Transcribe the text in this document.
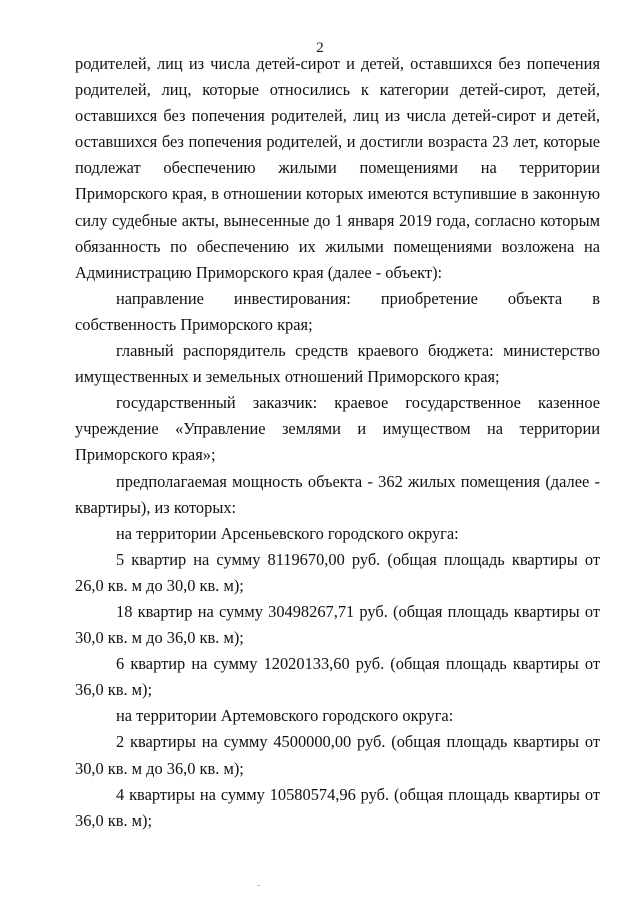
2

родителей, лиц из числа детей-сирот и детей, оставшихся без попечения родителей, лиц, которые относились к категории детей-сирот, детей, оставшихся без попечения родителей, лиц из числа детей-сирот и детей, оставшихся без попечения родителей, и достигли возраста 23 лет, которые подлежат обеспечению жилыми помещениями на территории Приморского края, в отношении которых имеются вступившие в законную силу судебные акты, вынесенные до 1 января 2019 года, согласно которым обязанность по обеспечению их жилыми помещениями возложена на Администрацию Приморского края (далее - объект):

направление инвестирования: приобретение объекта в собственность Приморского края;

главный распорядитель средств краевого бюджета: министерство имущественных и земельных отношений Приморского края;

государственный заказчик: краевое государственное казенное учреждение «Управление землями и имуществом на территории Приморского края»;

предполагаемая мощность объекта - 362 жилых помещения (далее - квартиры), из которых:

на территории Арсеньевского городского округа:

5 квартир на сумму 8119670,00 руб. (общая площадь квартиры от 26,0 кв. м до 30,0 кв. м);

18 квартир на сумму 30498267,71 руб. (общая площадь квартиры от 30,0 кв. м до 36,0 кв. м);

6 квартир на сумму 12020133,60 руб. (общая площадь квартиры от 36,0 кв. м);

на территории Артемовского городского округа:

2 квартиры на сумму 4500000,00 руб. (общая площадь квартиры от 30,0 кв. м до 36,0 кв. м);

4 квартиры на сумму 10580574,96 руб. (общая площадь квартиры от 36,0 кв. м);
